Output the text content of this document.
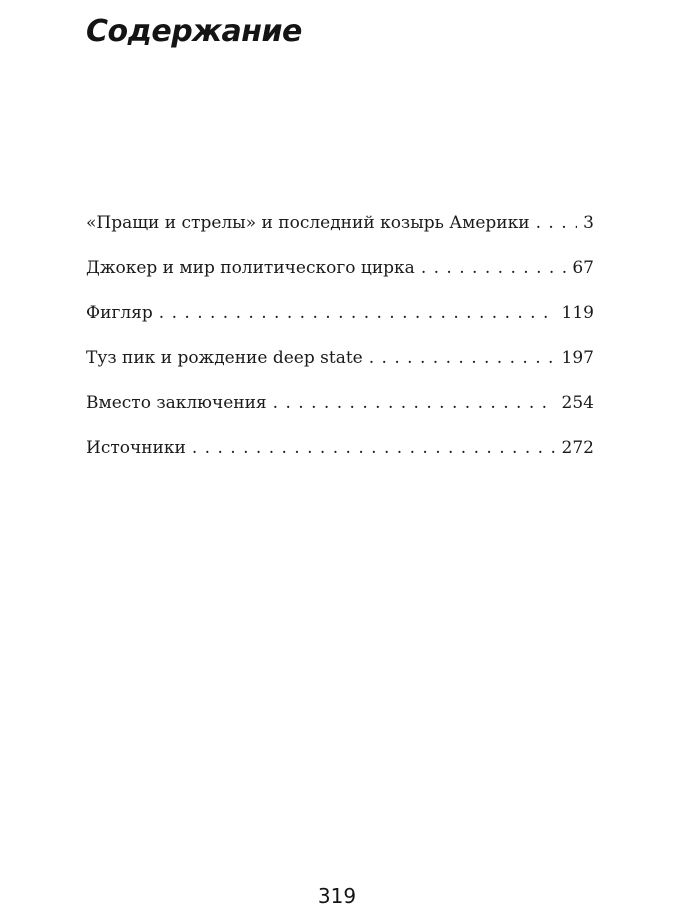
Содержание
«Пращи и стрелы» и последний козырь Америки . . .	3
Джокер и мир политического цирка . . .	67
Фигляр . . .	119
Туз пик и рождение deep state . . .	197
Вместо заключения . . .	254
Источники . . .	272
319
